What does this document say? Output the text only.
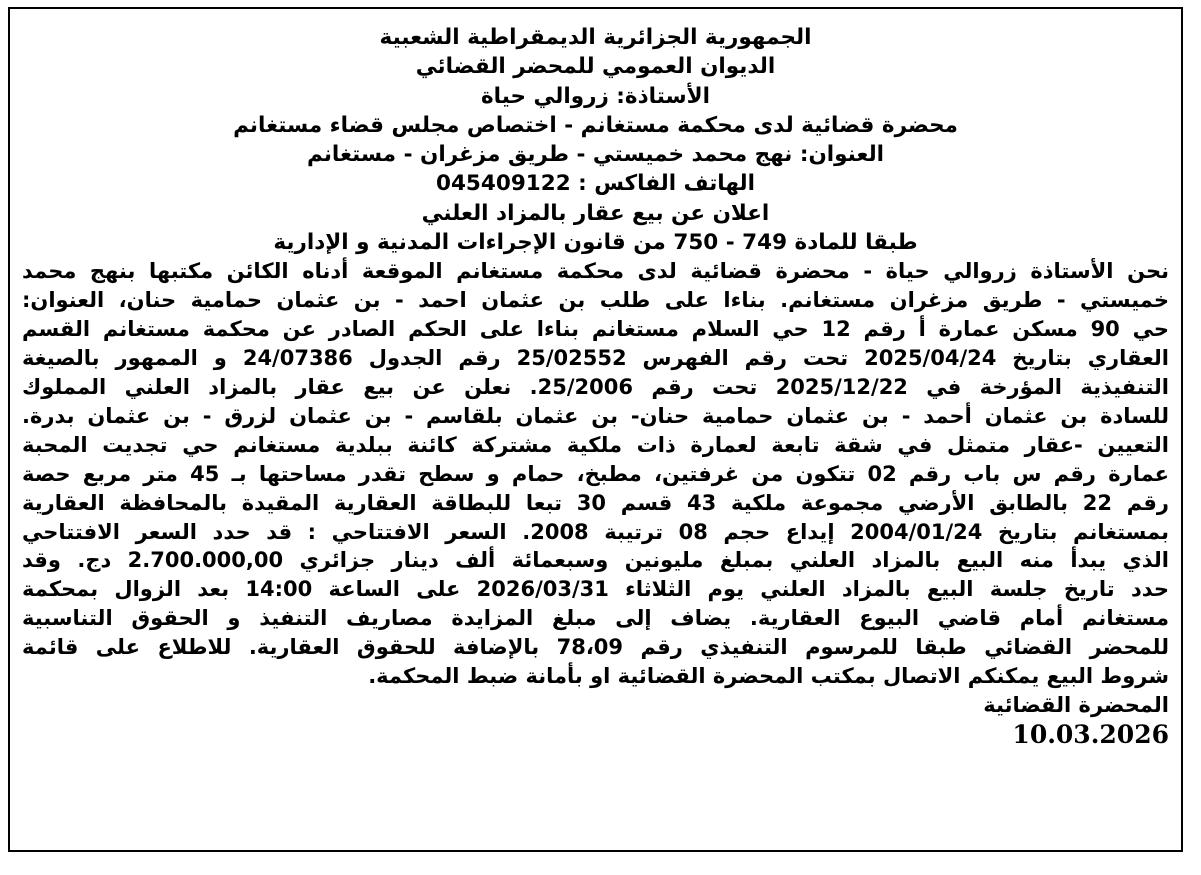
الجمهورية الجزائرية الديمقراطية الشعبية
الديوان العمومي للمحضر القضائي
الأستاذة: زروالي حياة
محضرة قضائية لدى محكمة مستغانم - اختصاص مجلس قضاء مستغانم
العنوان: نهج محمد خميستي - طريق مزغران - مستغانم
الهاتف الفاكس : 045409122
اعلان عن بيع عقار بالمزاد العلني
طبقا للمادة 749 - 750 من قانون الإجراءات المدنية و الإدارية
نحن الأستاذة زروالي حياة - محضرة قضائية لدى محكمة مستغانم الموقعة أدناه الكائن مكتبها بنهج محمد
خميستي - طريق مزغران مستغانم. بناءا على طلب بن عثمان احمد - بن عثمان حمامية حنان، العنوان:
حي 90 مسكن عمارة أ رقم 12 حي السلام مستغانم بناءا على الحكم الصادر عن محكمة مستغانم القسم
العقاري بتاريخ 2025/04/24 تحت رقم الفهرس 25/02552 رقم الجدول 24/07386 و الممهور بالصيغة
التنفيذية المؤرخة في 2025/12/22 تحت رقم 25/2006. نعلن عن بيع عقار بالمزاد العلني المملوك
للسادة بن عثمان أحمد - بن عثمان حمامية حنان- بن عثمان بلقاسم - بن عثمان لزرق - بن عثمان بدرة.
التعيين -عقار متمثل في شقة تابعة لعمارة ذات ملكية مشتركة كائنة ببلدية مستغانم حي تجديت المحبة
عمارة رقم س باب رقم 02 تتكون من غرفتين، مطبخ، حمام و سطح تقدر مساحتها بـ 45 متر مربع حصة
رقم 22 بالطابق الأرضي مجموعة ملكية 43 قسم 30 تبعا للبطاقة العقارية المقيدة بالمحافظة العقارية
بمستغانم بتاريخ 2004/01/24 إيداع حجم 08 ترتيبة 2008. السعر الافتتاحي : قد حدد السعر الافتتاحي
الذي يبدأ منه البيع بالمزاد العلني بمبلغ مليونين وسبعمائة ألف دينار جزائري 2.700.000,00 دج. وقد
حدد تاريخ جلسة البيع بالمزاد العلني يوم الثلاثاء 2026/03/31 على الساعة 14:00 بعد الزوال بمحكمة
مستغانم أمام قاضي البيوع العقارية. يضاف إلى مبلغ المزايدة مصاريف التنفيذ و الحقوق التناسبية
للمحضر القضائي طبقا للمرسوم التنفيذي رقم 78،09 بالإضافة للحقوق العقارية. للاطلاع على قائمة
شروط البيع يمكنكم الاتصال بمكتب المحضرة القضائية او بأمانة ضبط المحكمة.
المحضرة القضائية
10.03.2026
